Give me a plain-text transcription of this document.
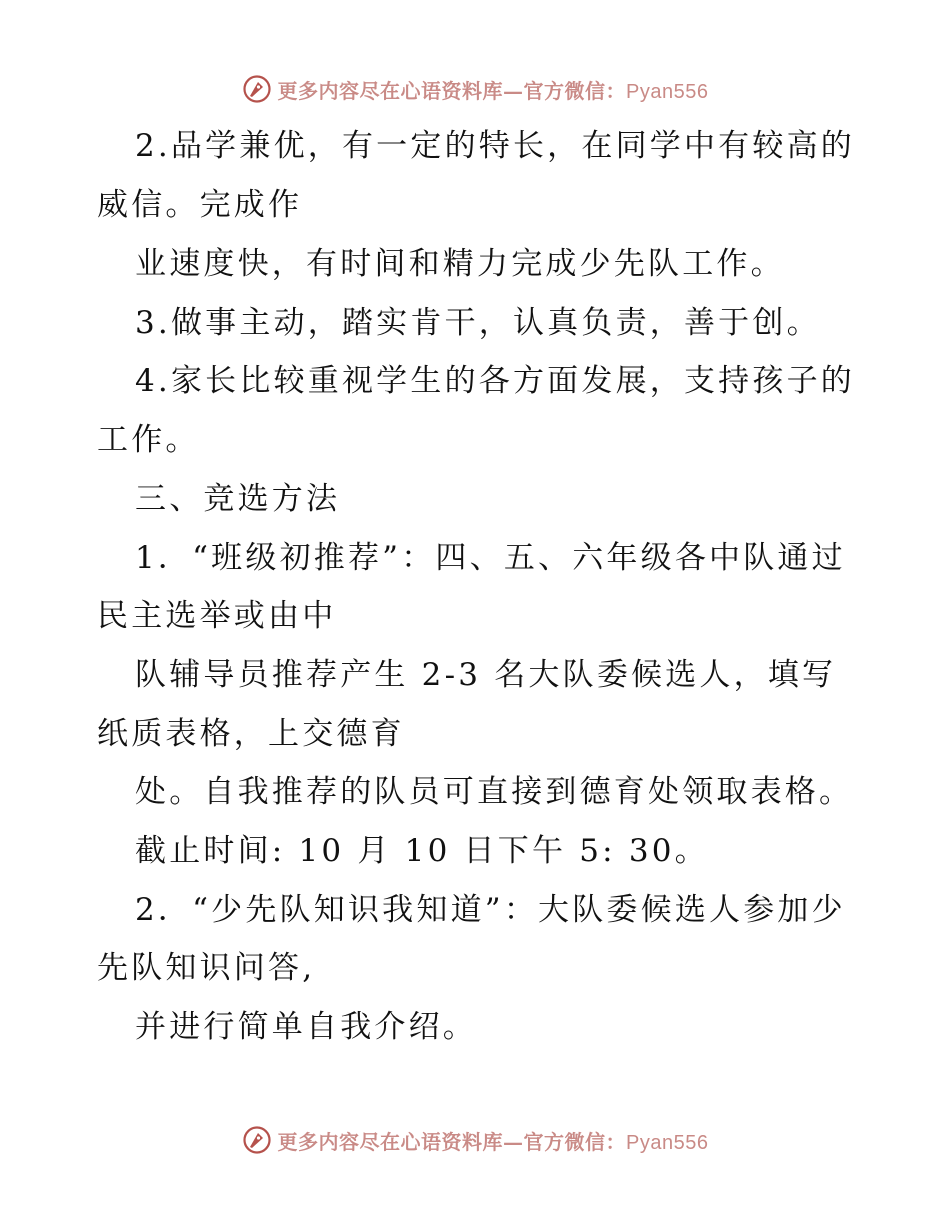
更多内容尽在心语资料库—官方微信：Pyan556
2.品学兼优，有一定的特长，在同学中有较高的
威信。完成作
业速度快，有时间和精力完成少先队工作。
3.做事主动，踏实肯干，认真负责，善于创。
4.家长比较重视学生的各方面发展，支持孩子的
工作。
三、竞选方法
1．“班级初推荐”：四、五、六年级各中队通过
民主选举或由中
队辅导员推荐产生 2-3 名大队委候选人，填写
纸质表格，上交德育
处。自我推荐的队员可直接到德育处领取表格。
截止时间: 10 月 10 日下午 5: 30。
2．“少先队知识我知道”：大队委候选人参加少
先队知识问答,
并进行简单自我介绍。
更多内容尽在心语资料库—官方微信：Pyan556
